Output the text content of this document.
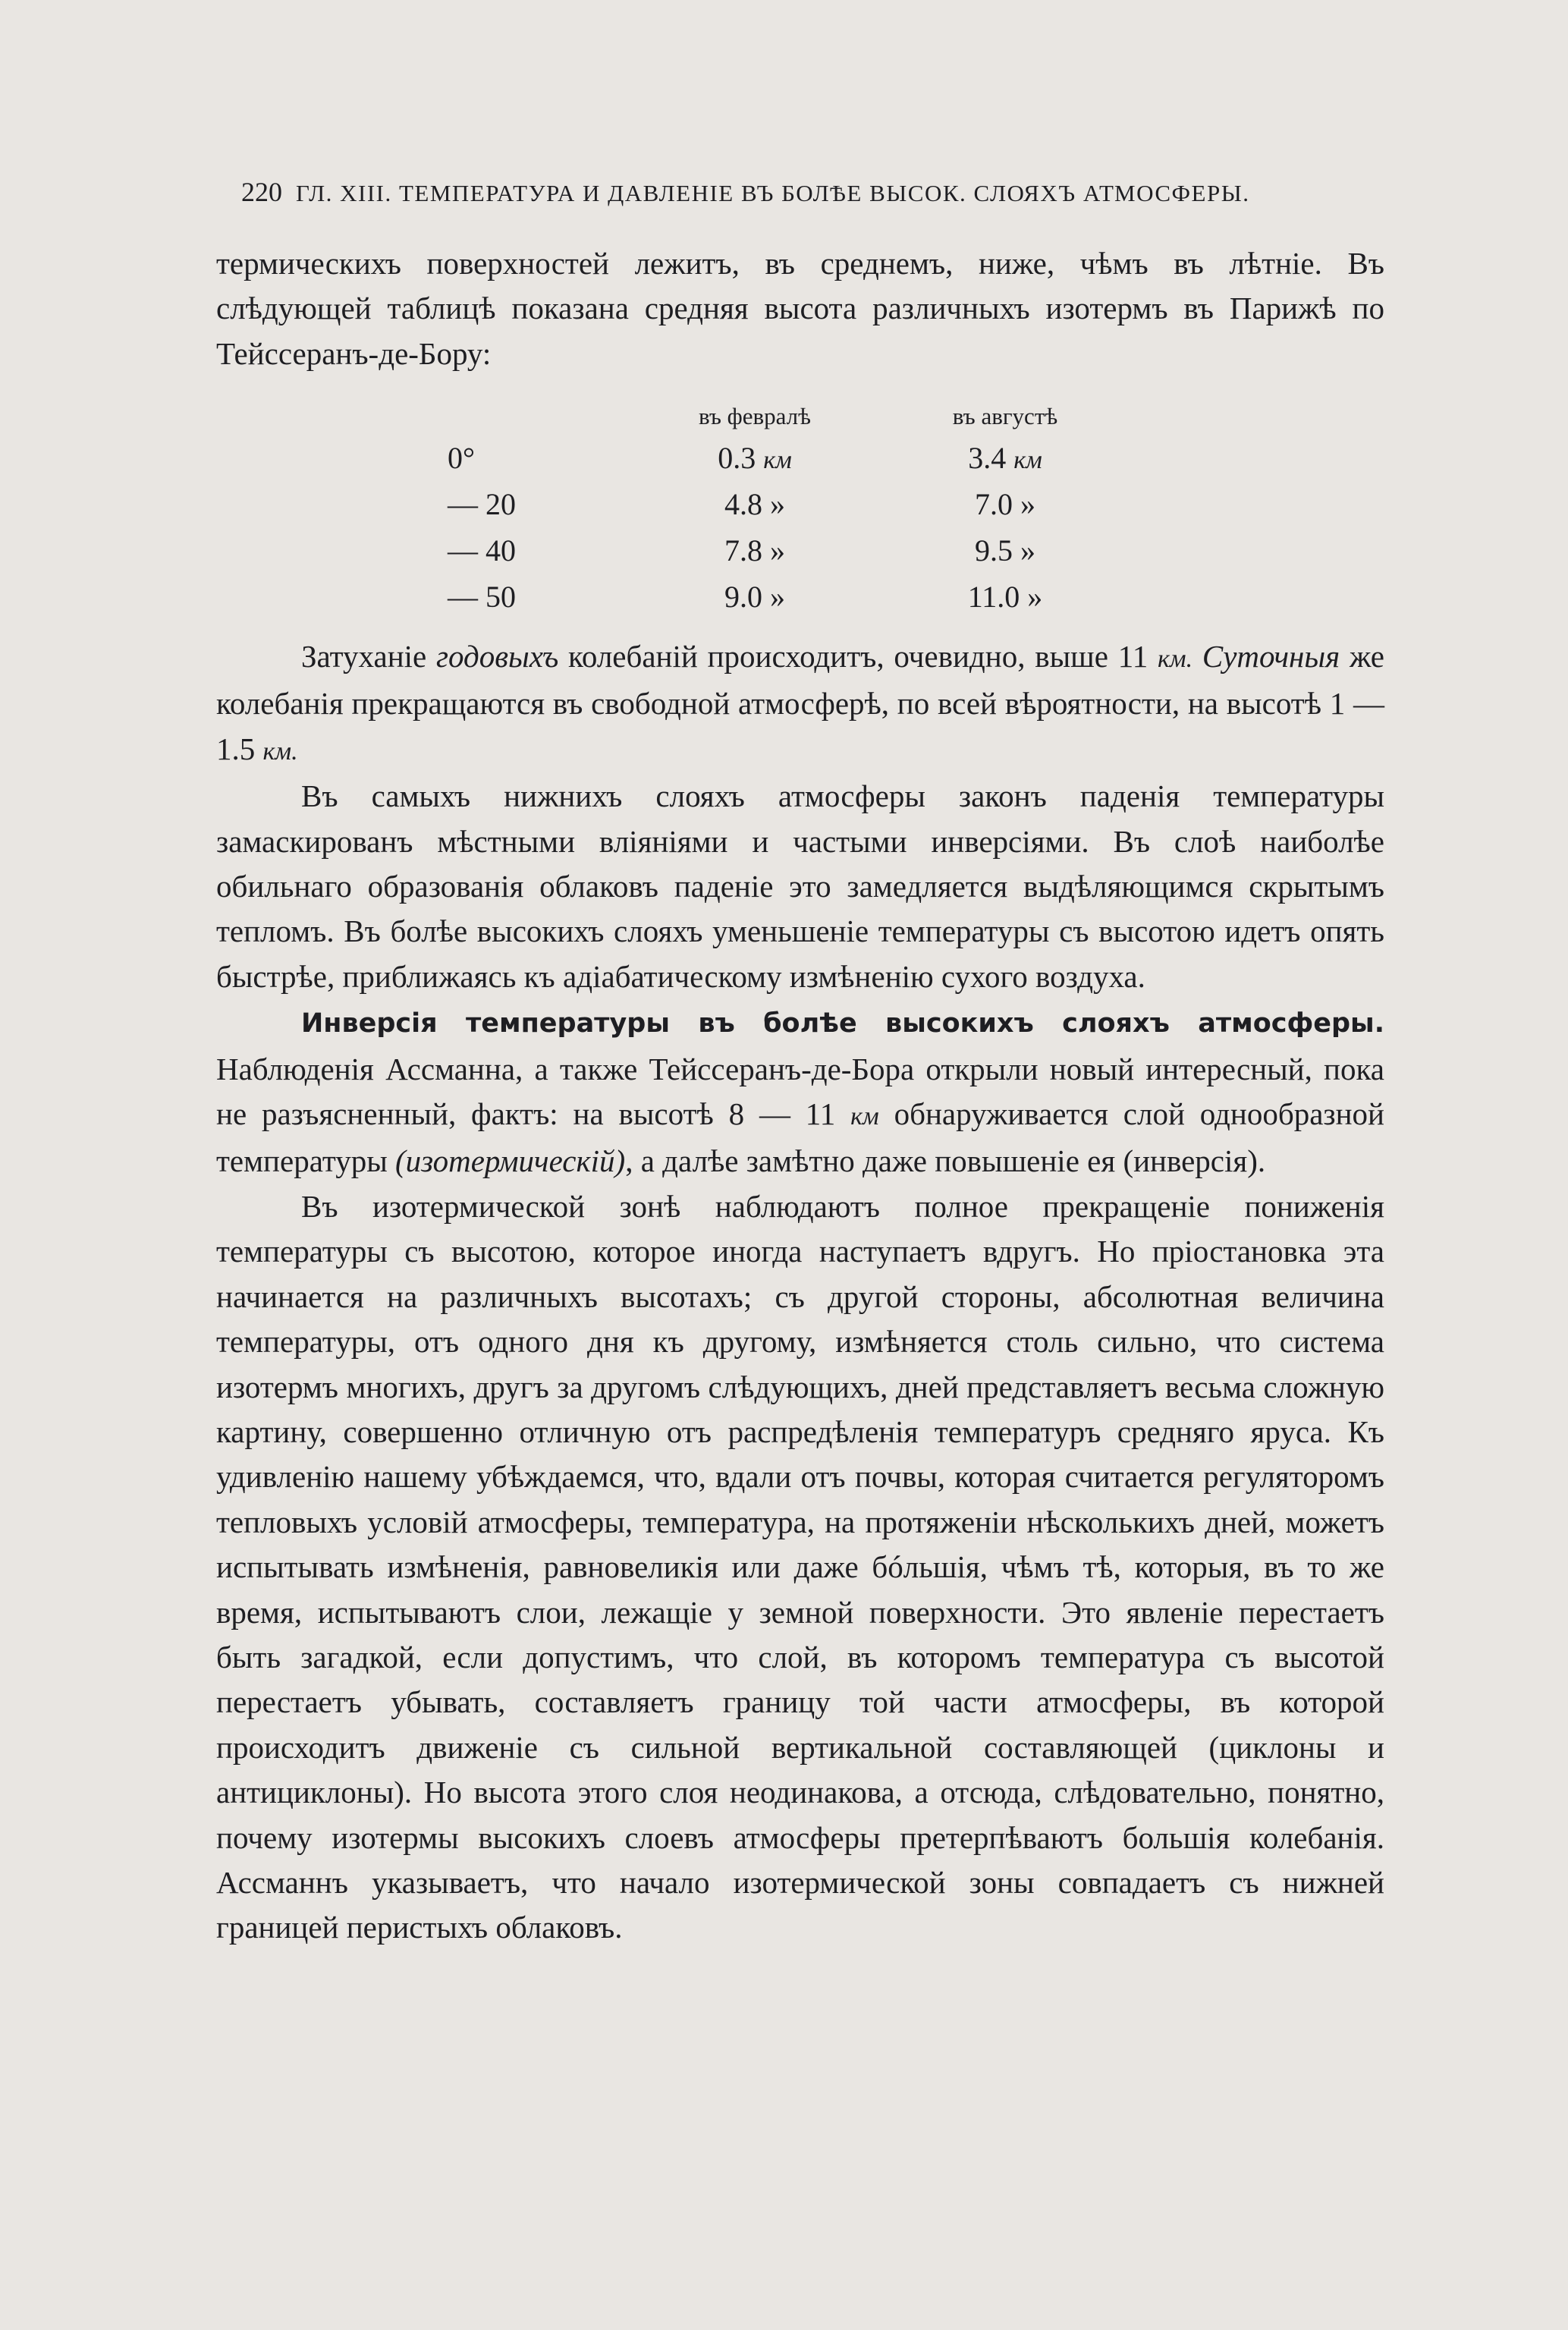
220 ГЛ. XIII. ТЕМПЕРАТУРА И ДАВЛЕНІЕ ВЪ БОЛѢЕ ВЫСОК. СЛОЯХЪ АТМОСФЕРЫ.

термическихъ поверхностей лежитъ, въ среднемъ, ниже, чѣмъ въ лѣтніе. Въ слѣдующей таблицѣ показана средняя высота различныхъ изотермъ въ Парижѣ по Тейссеранъ-де-Бору:

	въ февралѣ	въ августѣ
0°	0.3 км	3.4 км
— 20	4.8 »	7.0 »
— 40	7.8 »	9.5 »
— 50	9.0 »	11.0 »

Затуханіе годовыхъ колебаній происходитъ, очевидно, выше 11 км. Суточныя же колебанія прекращаются въ свободной атмосферѣ, по всей вѣроятности, на высотѣ 1 — 1.5 км.

Въ самыхъ нижнихъ слояхъ атмосферы законъ паденія температуры замаскированъ мѣстными вліяніями и частыми инверсіями. Въ слоѣ наиболѣе обильнаго образованія облаковъ паденіе это замедляется выдѣляющимся скрытымъ тепломъ. Въ болѣе высокихъ слояхъ уменьшеніе температуры съ высотою идетъ опять быстрѣе, приближаясь къ адіабатическому измѣненію сухого воздуха.

Инверсія температуры въ болѣе высокихъ слояхъ атмосферы. Наблюденія Ассманна, а также Тейссеранъ-де-Бора открыли новый интересный, пока не разъясненный, фактъ: на высотѣ 8 — 11 км обнаруживается слой однообразной температуры (изотермическій), а далѣе замѣтно даже повышеніе ея (инверсія).

Въ изотермической зонѣ наблюдаютъ полное прекращеніе пониженія температуры съ высотою, которое иногда наступаетъ вдругъ. Но пріостановка эта начинается на различныхъ высотахъ; съ другой стороны, абсолютная величина температуры, отъ одного дня къ другому, измѣняется столь сильно, что система изотермъ многихъ, другъ за другомъ слѣдующихъ, дней представляетъ весьма сложную картину, совершенно отличную отъ распредѣленія температуръ средняго яруса. Къ удивленію нашему убѣждаемся, что, вдали отъ почвы, которая считается регуляторомъ тепловыхъ условій атмосферы, температура, на протяженіи нѣсколькихъ дней, можетъ испытывать измѣненія, равновеликія или даже бóльшія, чѣмъ тѣ, которыя, въ то же время, испытываютъ слои, лежащіе у земной поверхности. Это явленіе перестаетъ быть загадкой, если допустимъ, что слой, въ которомъ температура съ высотой перестаетъ убывать, составляетъ границу той части атмосферы, въ которой происходитъ движеніе съ сильной вертикальной составляющей (циклоны и антициклоны). Но высота этого слоя неодинакова, а отсюда, слѣдовательно, понятно, почему изотермы высокихъ слоевъ атмосферы претерпѣваютъ большія колебанія. Ассманнъ указываетъ, что начало изотермической зоны совпадаетъ съ нижней границей перистыхъ облаковъ.
